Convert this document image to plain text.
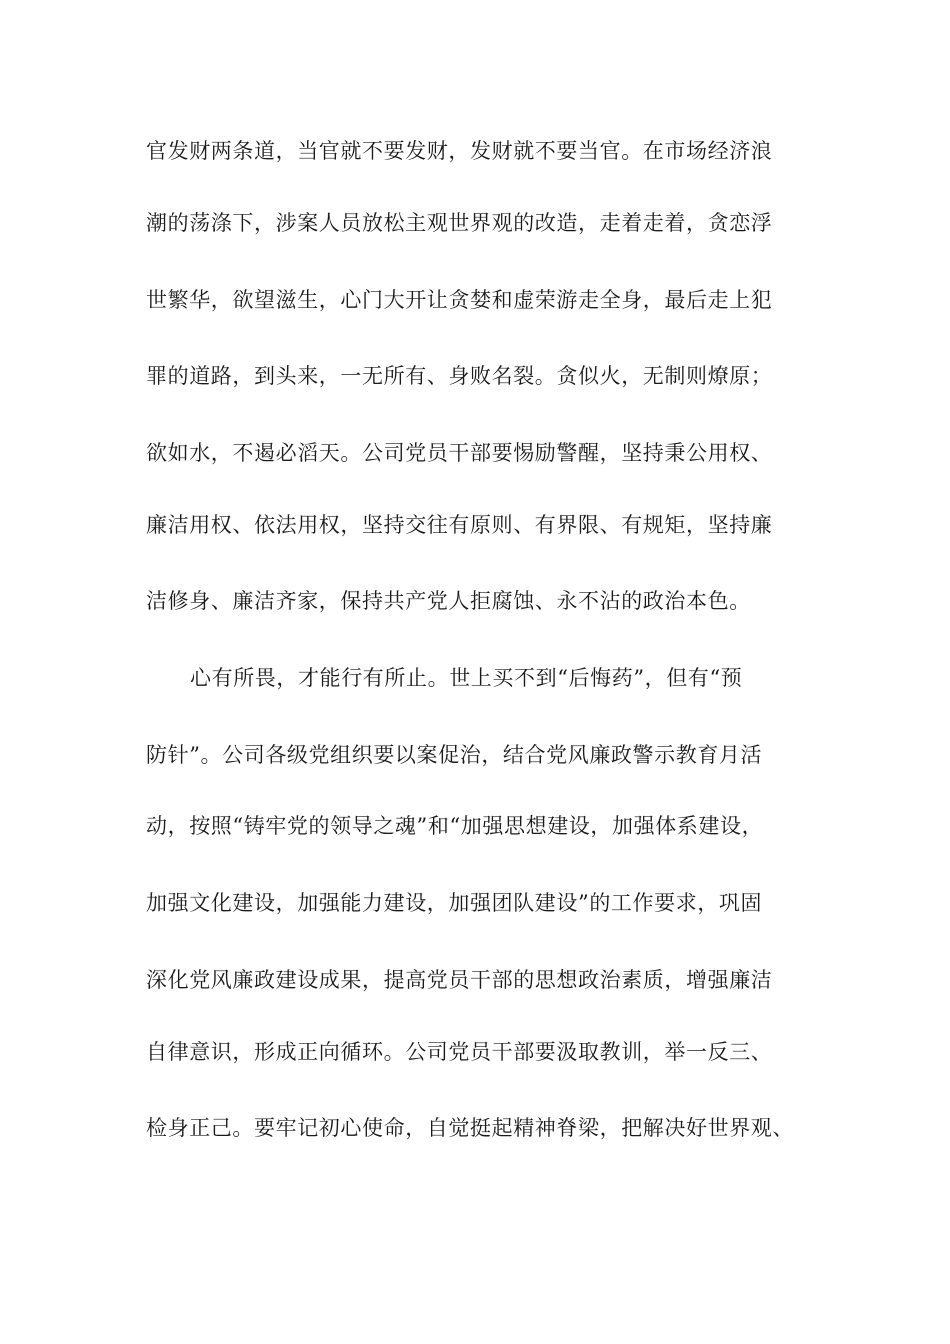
官发财两条道，当官就不要发财，发财就不要当官。在市场经济浪
潮的荡涤下，涉案人员放松主观世界观的改造，走着走着，贪恋浮
世繁华，欲望滋生，心门大开让贪婪和虚荣游走全身，最后走上犯
罪的道路，到头来，一无所有、身败名裂。贪似火，无制则燎原；
欲如水，不遏必滔天。公司党员干部要惕励警醒，坚持秉公用权、
廉洁用权、依法用权，坚持交往有原则、有界限、有规矩，坚持廉
洁修身、廉洁齐家，保持共产党人拒腐蚀、永不沾的政治本色。
心有所畏，才能行有所止。世上买不到“后悔药”，但有“预
防针”。公司各级党组织要以案促治，结合党风廉政警示教育月活
动，按照“铸牢党的领导之魂”和“加强思想建设，加强体系建设，
加强文化建设，加强能力建设，加强团队建设”的工作要求，巩固
深化党风廉政建设成果，提高党员干部的思想政治素质，增强廉洁
自律意识，形成正向循环。公司党员干部要汲取教训，举一反三、
检身正己。要牢记初心使命，自觉挺起精神脊梁，把解决好世界观、
